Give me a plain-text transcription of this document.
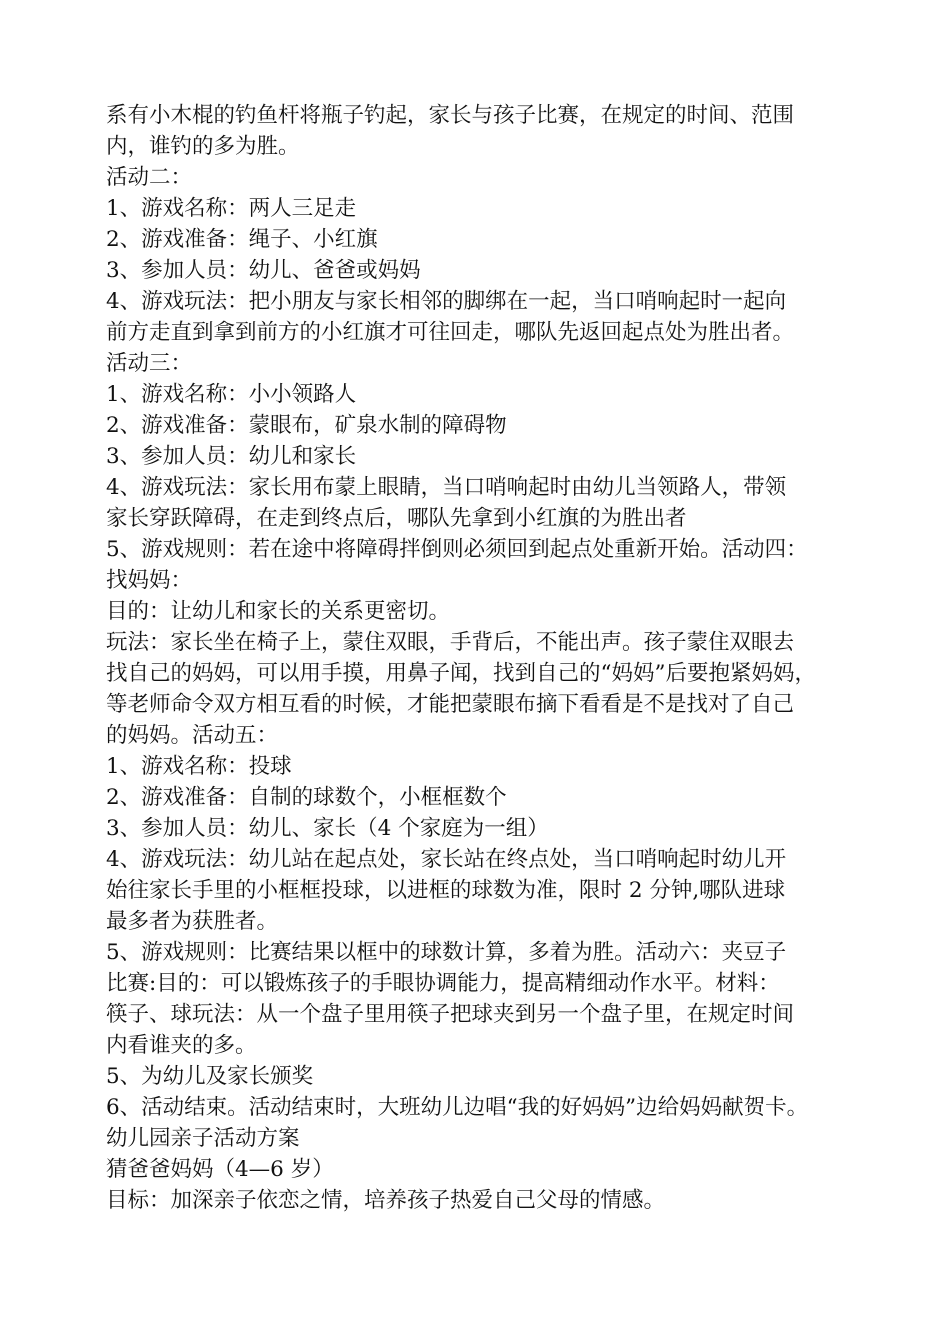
系有小木棍的钓鱼杆将瓶子钓起，家长与孩子比赛，在规定的时间、范围
内，谁钓的多为胜。
活动二：
1、游戏名称：两人三足走
2、游戏准备：绳子、小红旗
3、参加人员：幼儿、爸爸或妈妈
4、游戏玩法：把小朋友与家长相邻的脚绑在一起，当口哨响起时一起向
前方走直到拿到前方的小红旗才可往回走，哪队先返回起点处为胜出者。
活动三：
1、游戏名称：小小领路人
2、游戏准备：蒙眼布，矿泉水制的障碍物
3、参加人员：幼儿和家长
4、游戏玩法：家长用布蒙上眼睛，当口哨响起时由幼儿当领路人，带领
家长穿跃障碍，在走到终点后，哪队先拿到小红旗的为胜出者
5、游戏规则：若在途中将障碍拌倒则必须回到起点处重新开始。活动四：
找妈妈：
目的：让幼儿和家长的关系更密切。
玩法：家长坐在椅子上，蒙住双眼，手背后，不能出声。孩子蒙住双眼去
找自己的妈妈，可以用手摸，用鼻子闻，找到自己的“妈妈”后要抱紧妈妈，
等老师命令双方相互看的时候，才能把蒙眼布摘下看看是不是找对了自己
的妈妈。活动五：
1、游戏名称：投球
2、游戏准备：自制的球数个，小框框数个
3、参加人员：幼儿、家长（4 个家庭为一组）
4、游戏玩法：幼儿站在起点处，家长站在终点处，当口哨响起时幼儿开
始往家长手里的小框框投球，以进框的球数为准，限时 2 分钟,哪队进球
最多者为获胜者。
5、游戏规则：比赛结果以框中的球数计算，多着为胜。活动六：夹豆子
比赛:目的：可以锻炼孩子的手眼协调能力，提高精细动作水平。材料：
筷子、球玩法：从一个盘子里用筷子把球夹到另一个盘子里，在规定时间
内看谁夹的多。
5、为幼儿及家长颁奖
6、活动结束。活动结束时，大班幼儿边唱“我的好妈妈”边给妈妈献贺卡。
幼儿园亲子活动方案
猜爸爸妈妈（4—6 岁）
目标：加深亲子依恋之情，培养孩子热爱自己父母的情感。
